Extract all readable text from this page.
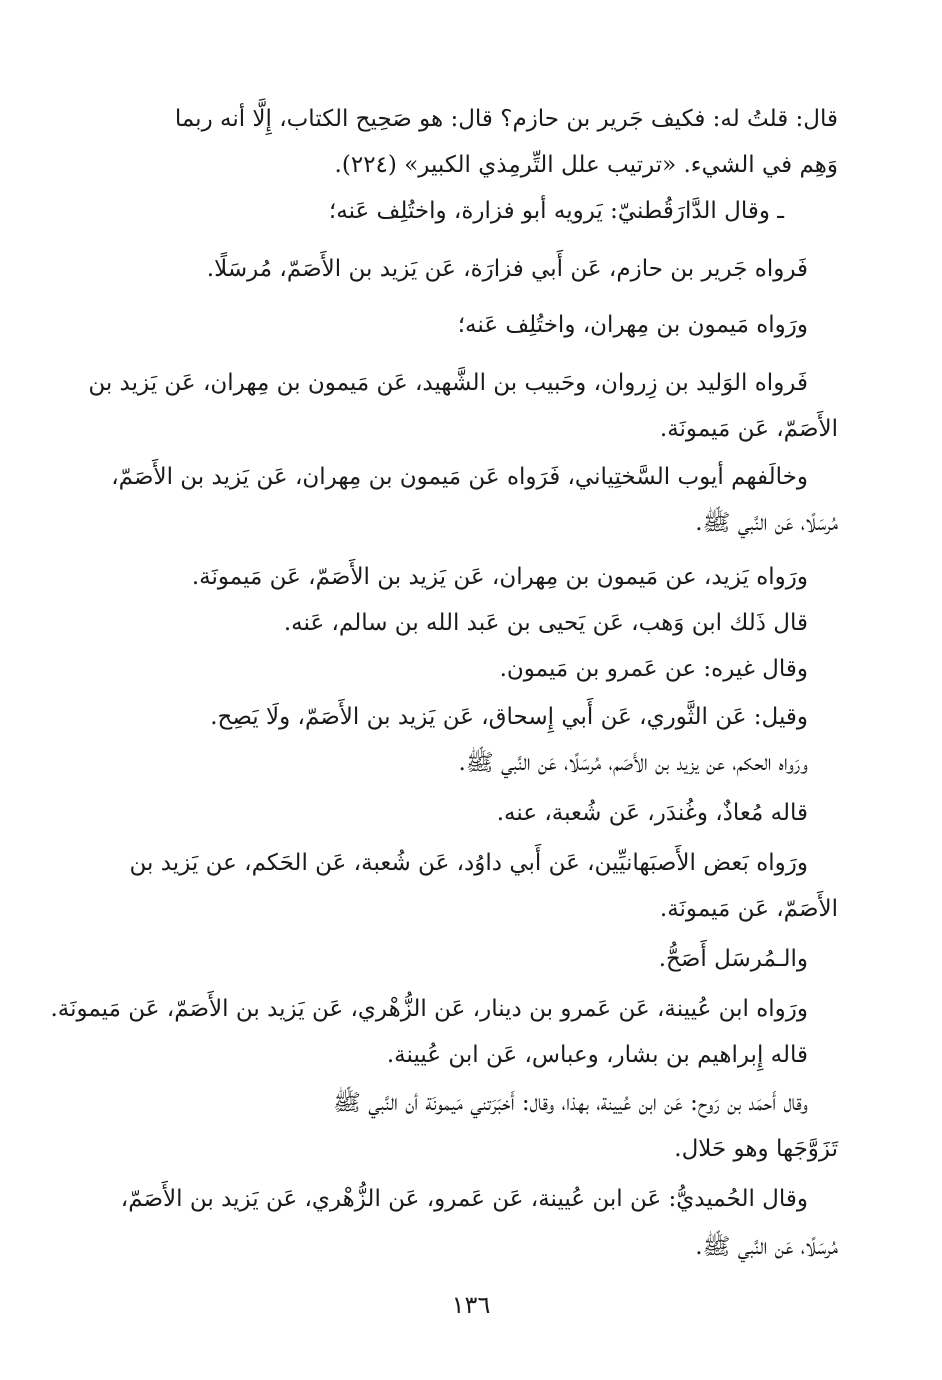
قال: قلتُ له: فكيف جَرير بن حازم؟ قال: هو صَحِيح الكتاب، إِلَّا أنه ربما
وَهِم في الشيء. «ترتيب علل التِّرمِذي الكبير» (٢٢٤).
ـ وقال الدَّارَقُطنيّ: يَرويه أبو فزارة، واختُلِف عَنه؛
فَرواه جَرير بن حازم، عَن أَبي فزارَة، عَن يَزيد بن الأَصَمّ، مُرسَلًا.
ورَواه مَيمون بن مِهران، واختُلِف عَنه؛
فَرواه الوَليد بن زِروان، وحَبيب بن الشَّهيد، عَن مَيمون بن مِهران، عَن يَزيد بن
الأَصَمّ، عَن مَيمونَة.
وخالَفهم أيوب السَّختِياني، فَرَواه عَن مَيمون بن مِهران، عَن يَزيد بن الأَصَمّ،
مُرسَلًا، عَن النَّبي ﷺ.
ورَواه يَزيد، عن مَيمون بن مِهران، عَن يَزيد بن الأَصَمّ، عَن مَيمونَة.
قال ذَلك ابن وَهب، عَن يَحيى بن عَبد الله بن سالم، عَنه.
وقال غيره: عن عَمرو بن مَيمون.
وقيل: عَن الثَّوري، عَن أَبي إِسحاق، عَن يَزيد بن الأَصَمّ، ولَا يَصِح.
ورَواه الحكم، عن يزيد بن الأَصَم، مُرسَلًا، عَن النَّبي ﷺ.
قاله مُعاذٌ، وغُندَر، عَن شُعبة، عنه.
ورَواه بَعض الأَصبَهانيِّين، عَن أَبي داوُد، عَن شُعبة، عَن الحَكم، عن يَزيد بن
الأَصَمّ، عَن مَيمونَة.
والـمُرسَل أَصَحُّ.
ورَواه ابن عُيينة، عَن عَمرو بن دينار، عَن الزُّهْري، عَن يَزيد بن الأَصَمّ، عَن مَيمونَة.
قاله إِبراهيم بن بشار، وعباس، عَن ابن عُيينة.
وقال أَحمَد بن رَوح: عَن ابن عُيينة، بهذا، وقال: أَخبَرَتني مَيمونَة أن النَّبي ﷺ
تَزَوَّجَها وهو حَلال.
وقال الحُميديُّ: عَن ابن عُيينة، عَن عَمرو، عَن الزُّهْري، عَن يَزيد بن الأَصَمّ،
مُرسَلًا، عَن النَّبي ﷺ.
١٣٦
